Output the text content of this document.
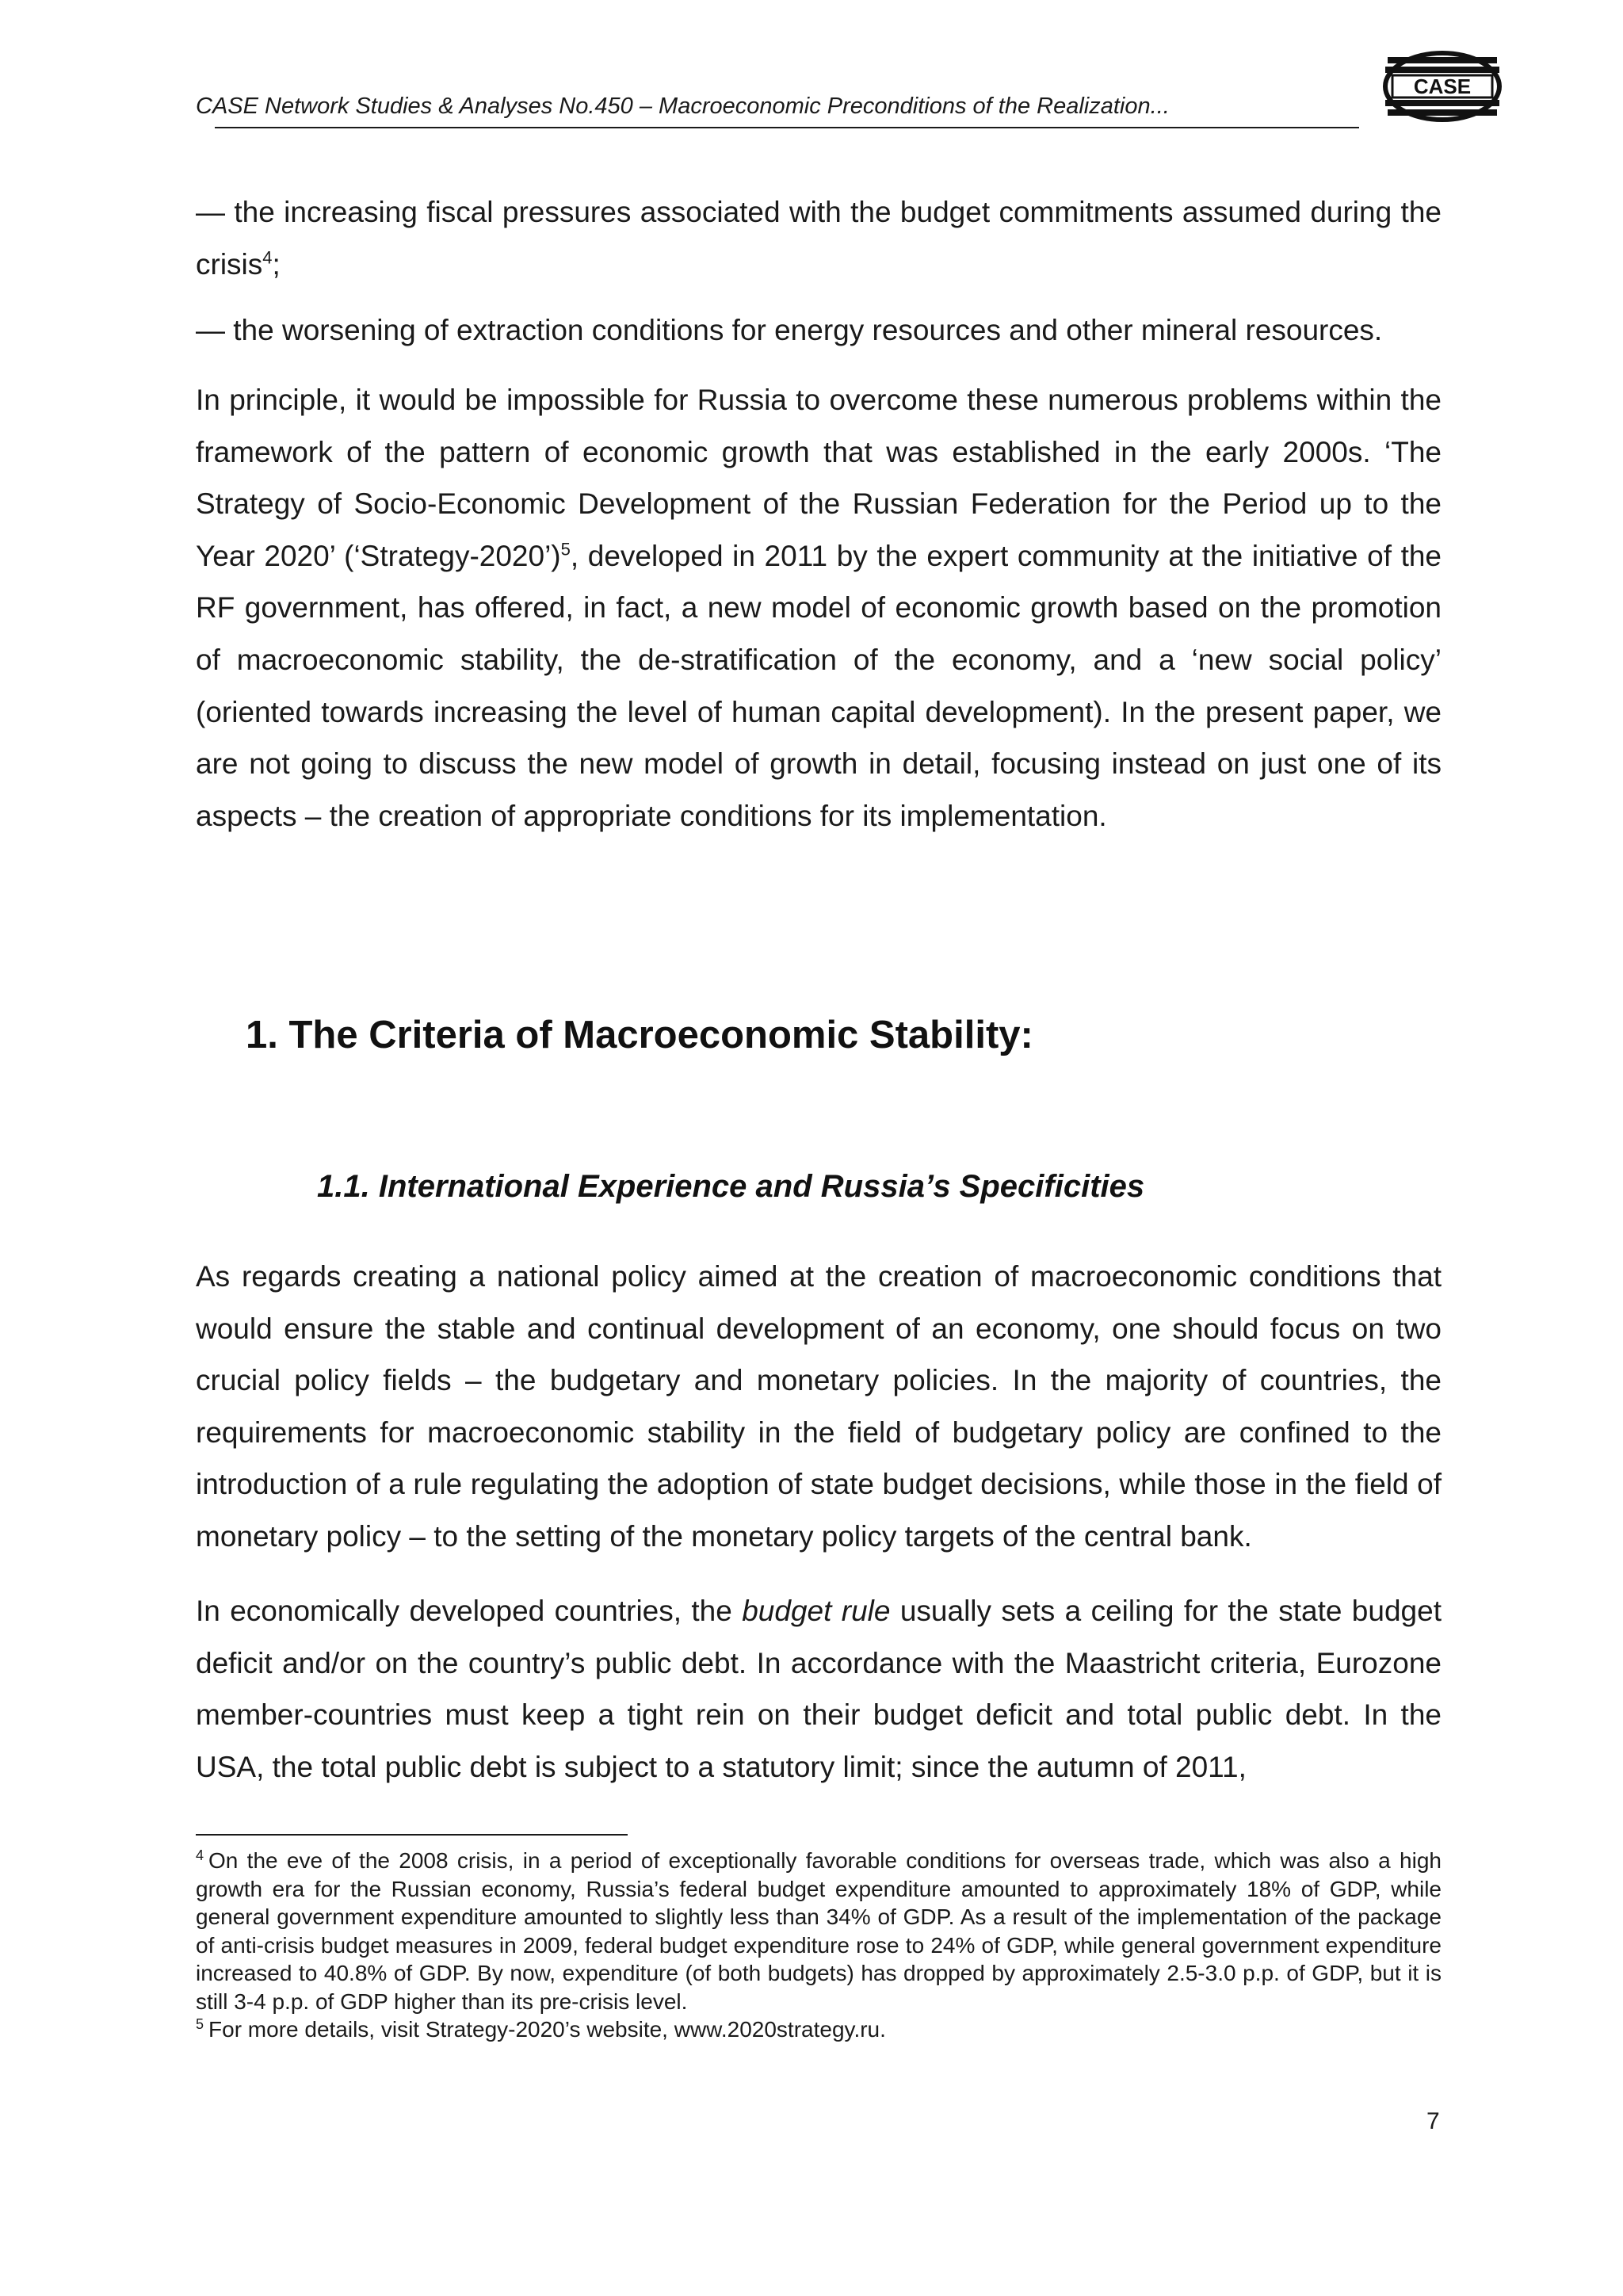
CASE Network Studies & Analyses No.450 – Macroeconomic Preconditions of the Realization...
CASE

— the increasing fiscal pressures associated with the budget commitments assumed during the crisis$^4$;

— the worsening of extraction conditions for energy resources and other mineral resources.

In principle, it would be impossible for Russia to overcome these numerous problems within the framework of the pattern of economic growth that was established in the early 2000s. ‘The Strategy of Socio-Economic Development of the Russian Federation for the Period up to the Year 2020’ (‘Strategy-2020’)$^5$, developed in 2011 by the expert community at the initiative of the RF government, has offered, in fact, a new model of economic growth based on the promotion of macroeconomic stability, the de-stratification of the economy, and a ‘new social policy’ (oriented towards increasing the level of human capital development). In the present paper, we are not going to discuss the new model of growth in detail, focusing instead on just one of its aspects – the creation of appropriate conditions for its implementation.

1. The Criteria of Macroeconomic Stability:
1.1. International Experience and Russia’s Specificities

As regards creating a national policy aimed at the creation of macroeconomic conditions that would ensure the stable and continual development of an economy, one should focus on two crucial policy fields – the budgetary and monetary policies. In the majority of countries, the requirements for macroeconomic stability in the field of budgetary policy are confined to the introduction of a rule regulating the adoption of state budget decisions, while those in the field of monetary policy – to the setting of the monetary policy targets of the central bank.

In economically developed countries, the budget rule usually sets a ceiling for the state budget deficit and/or on the country’s public debt. In accordance with the Maastricht criteria, Eurozone member-countries must keep a tight rein on their budget deficit and total public debt. In the USA, the total public debt is subject to a statutory limit; since the autumn of 2011,

$^4$ On the eve of the 2008 crisis, in a period of exceptionally favorable conditions for overseas trade, which was also a high growth era for the Russian economy, Russia’s federal budget expenditure amounted to approximately 18% of GDP, while general government expenditure amounted to slightly less than 34% of GDP. As a result of the implementation of the package of anti-crisis budget measures in 2009, federal budget expenditure rose to 24% of GDP, while general government expenditure increased to 40.8% of GDP. By now, expenditure (of both budgets) has dropped by approximately 2.5-3.0 p.p. of GDP, but it is still 3-4 p.p. of GDP higher than its pre-crisis level.

$^5$ For more details, visit Strategy-2020’s website, www.2020strategy.ru.

7
